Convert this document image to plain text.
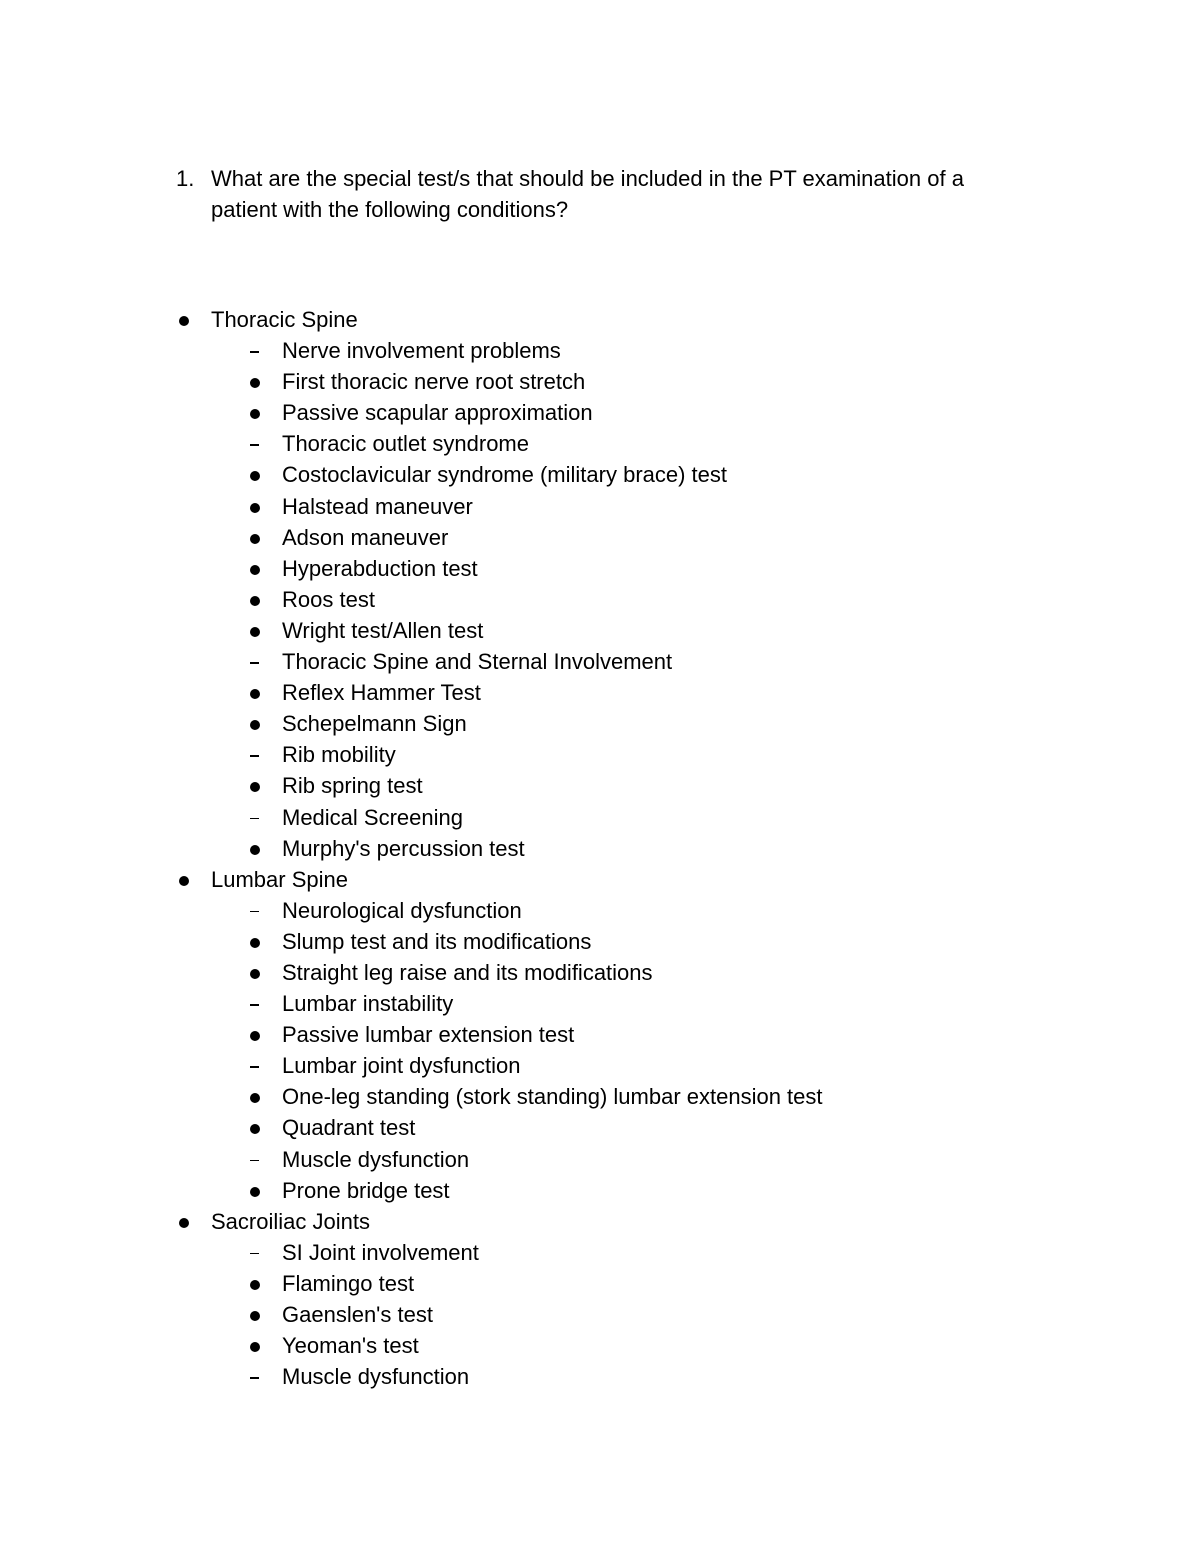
1. What are the special test/s that should be included in the PT examination of a patient with the following conditions?
Thoracic Spine
Nerve involvement problems
First thoracic nerve root stretch
Passive scapular approximation
Thoracic outlet syndrome
Costoclavicular syndrome (military brace) test
Halstead maneuver
Adson maneuver
Hyperabduction test
Roos test
Wright test/Allen test
Thoracic Spine and Sternal Involvement
Reflex Hammer Test
Schepelmann Sign
Rib mobility
Rib spring test
Medical Screening
Murphy's percussion test
Lumbar Spine
Neurological dysfunction
Slump test and its modifications
Straight leg raise and its modifications
Lumbar instability
Passive lumbar extension test
Lumbar joint dysfunction
One-leg standing (stork standing) lumbar extension test
Quadrant test
Muscle dysfunction
Prone bridge test
Sacroiliac Joints
SI Joint involvement
Flamingo test
Gaenslen's test
Yeoman's test
Muscle dysfunction
